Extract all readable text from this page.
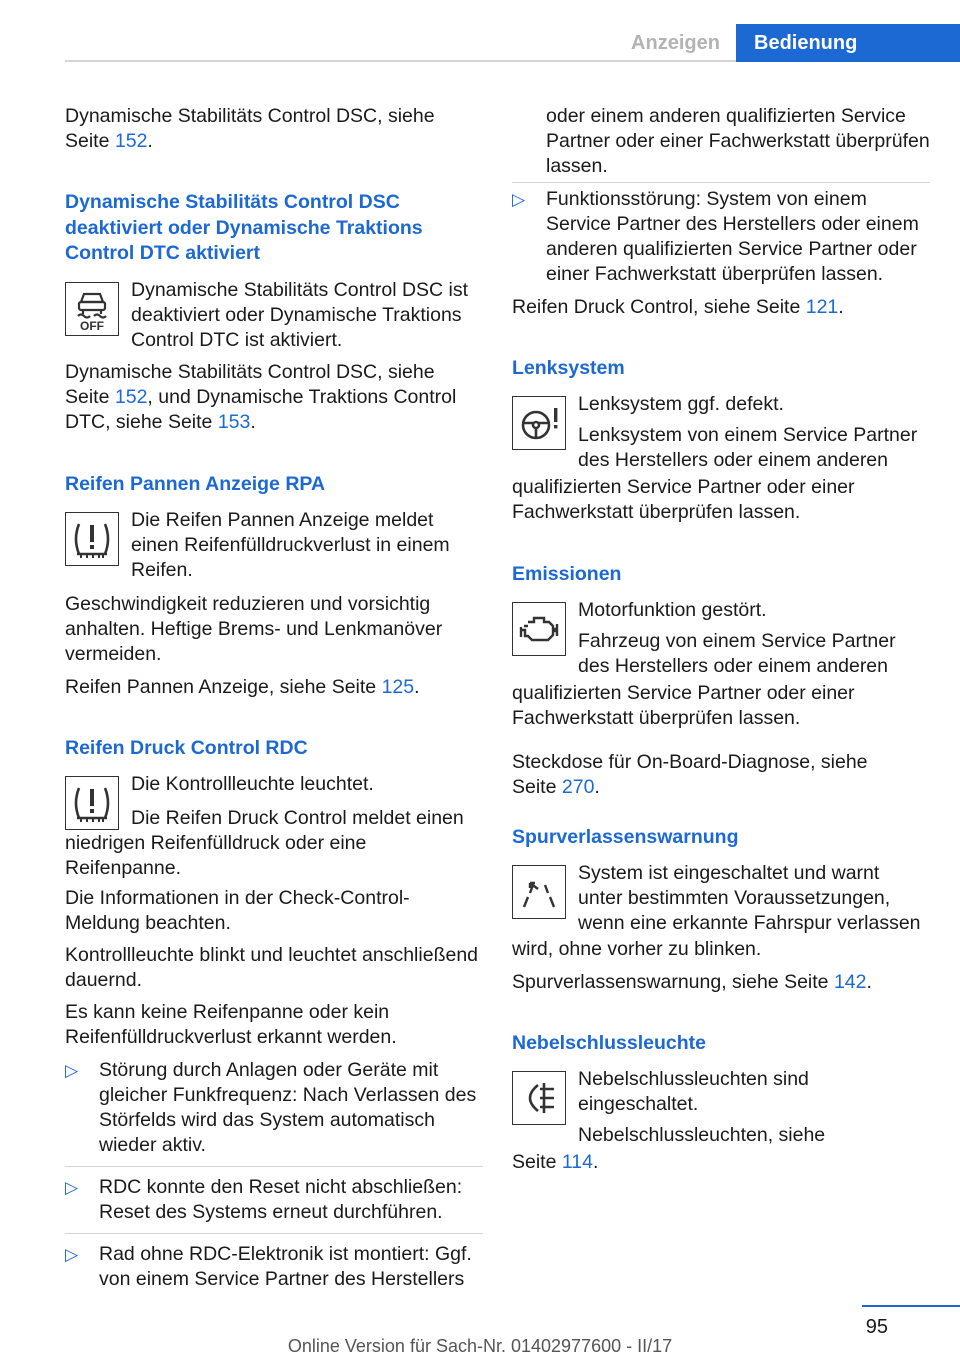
Anzeigen	Bedienung

Dynamische Stabilitäts Control DSC, siehe
Seite 152.

Dynamische Stabilitäts Control DSC deaktiviert oder Dynamische Traktions Control DTC aktiviert
OFF

Dynamische Stabilitäts Control DSC ist deaktiviert oder Dynamische Traktions Control DTC ist aktiviert.

Dynamische Stabilitäts Control DSC, siehe
Seite 152, und Dynamische Traktions Control
DTC, siehe Seite 153.

Reifen Pannen Anzeige RPA

Die Reifen Pannen Anzeige meldet einen Reifenfülldruckverlust in einem Reifen.

Geschwindigkeit reduzieren und vorsichtig anhalten. Heftige Brems- und Lenkmanöver vermeiden.

Reifen Pannen Anzeige, siehe Seite 125.

Reifen Druck Control RDC

Die Kontrollleuchte leuchtet.

Die Reifen Druck Control meldet einen niedrigen Reifenfülldruck oder eine Reifenpanne.

Die Informationen in der Check-Control-Meldung beachten.

Kontrollleuchte blinkt und leuchtet anschließend dauernd.

Es kann keine Reifenpanne oder kein Reifenfülldruckverlust erkannt werden.

▷ Störung durch Anlagen oder Geräte mit gleicher Funkfrequenz: Nach Verlassen des Störfelds wird das System automatisch wieder aktiv.
▷ RDC konnte den Reset nicht abschließen: Reset des Systems erneut durchführen.
▷ Rad ohne RDC-Elektronik ist montiert: Ggf. von einem Service Partner des Herstellers

oder einem anderen qualifizierten Service Partner oder einer Fachwerkstatt überprüfen lassen.

▷ Funktionsstörung: System von einem Service Partner des Herstellers oder einem anderen qualifizierten Service Partner oder einer Fachwerkstatt überprüfen lassen.

Reifen Druck Control, siehe Seite 121.

Lenksystem

Lenksystem ggf. defekt.

Lenksystem von einem Service Partner des Herstellers oder einem anderen

qualifizierten Service Partner oder einer Fachwerkstatt überprüfen lassen.

Emissionen

Motorfunktion gestört.

Fahrzeug von einem Service Partner des Herstellers oder einem anderen

qualifizierten Service Partner oder einer Fachwerkstatt überprüfen lassen.

Steckdose für On-Board-Diagnose, siehe
Seite 270.

Spurverlassenswarnung

System ist eingeschaltet und warnt unter bestimmten Voraussetzungen, wenn eine erkannte Fahrspur verlassen

wird, ohne vorher zu blinken.

Spurverlassenswarnung, siehe Seite 142.

Nebelschlussleuchte

Nebelschlussleuchten sind eingeschaltet.

Nebelschlussleuchten, siehe

Seite 114.

95
Online Version für Sach-Nr. 01402977600 - II/17
